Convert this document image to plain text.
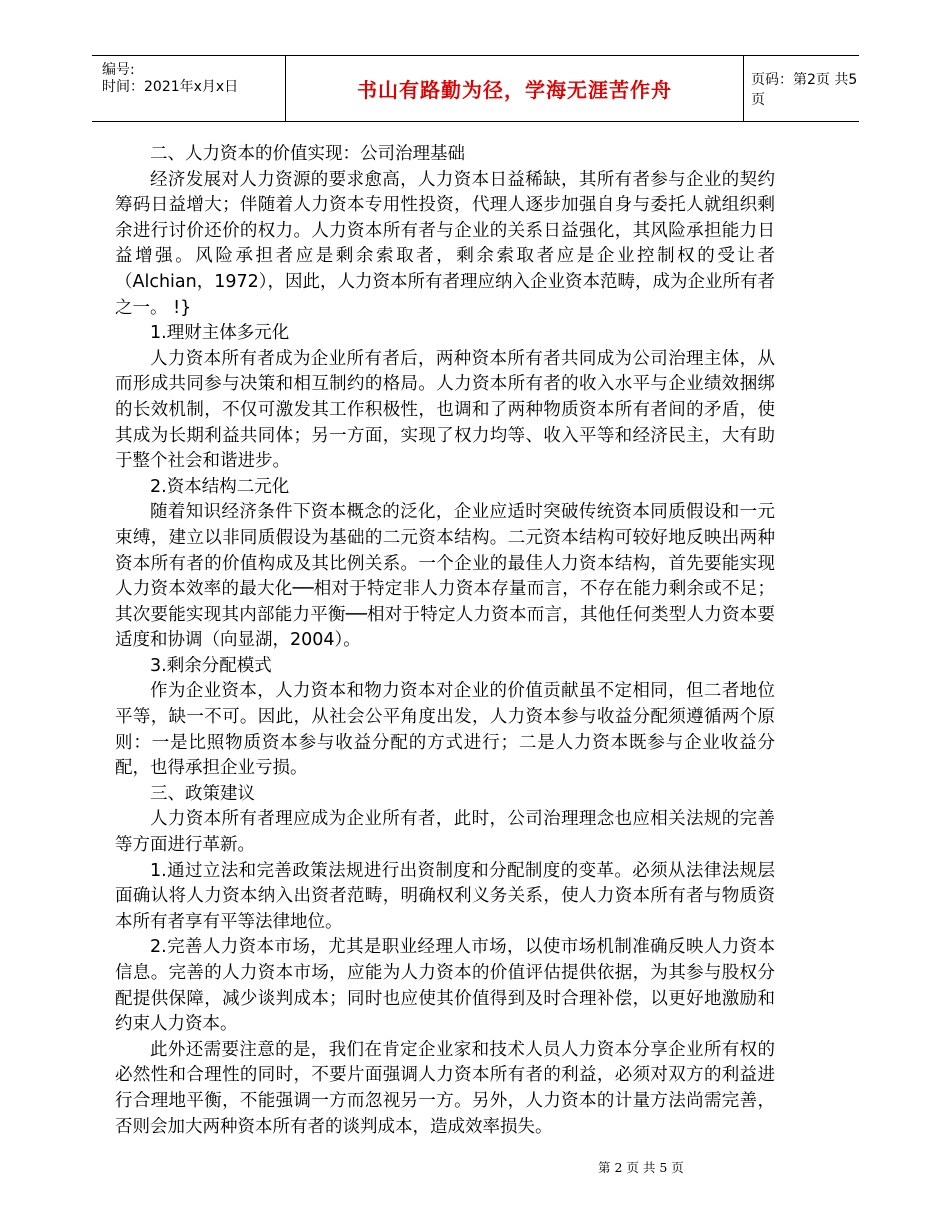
编号:
时间：2021年x月x日	书山有路勤为径，学海无涯苦作舟	页码：第2页 共5页

二、人力资本的价值实现：公司治理基础

经济发展对人力资源的要求愈高，人力资本日益稀缺，其所有者参与企业的契约筹码日益增大；伴随着人力资本专用性投资，代理人逐步加强自身与委托人就组织剩余进行讨价还价的权力。人力资本所有者与企业的关系日益强化，其风险承担能力日益增强。风险承担者应是剩余索取者，剩余索取者应是企业控制权的受让者（Alchian，1972），因此，人力资本所有者理应纳入企业资本范畴，成为企业所有者之一。 !}

1.理财主体多元化

人力资本所有者成为企业所有者后，两种资本所有者共同成为公司治理主体，从而形成共同参与决策和相互制约的格局。人力资本所有者的收入水平与企业绩效捆绑的长效机制，不仅可激发其工作积极性，也调和了两种物质资本所有者间的矛盾，使其成为长期利益共同体；另一方面，实现了权力均等、收入平等和经济民主，大有助于整个社会和谐进步。

2.资本结构二元化

随着知识经济条件下资本概念的泛化，企业应适时突破传统资本同质假设和一元束缚，建立以非同质假设为基础的二元资本结构。二元资本结构可较好地反映出两种资本所有者的价值构成及其比例关系。一个企业的最佳人力资本结构，首先要能实现人力资本效率的最大化──相对于特定非人力资本存量而言，不存在能力剩余或不足；其次要能实现其内部能力平衡──相对于特定人力资本而言，其他任何类型人力资本要适度和协调（向显湖，2004）。

3.剩余分配模式

作为企业资本，人力资本和物力资本对企业的价值贡献虽不定相同，但二者地位平等，缺一不可。因此，从社会公平角度出发，人力资本参与收益分配须遵循两个原则：一是比照物质资本参与收益分配的方式进行；二是人力资本既参与企业收益分配，也得承担企业亏损。

三、政策建议

人力资本所有者理应成为企业所有者，此时，公司治理理念也应相关法规的完善等方面进行革新。

1.通过立法和完善政策法规进行出资制度和分配制度的变革。必须从法律法规层面确认将人力资本纳入出资者范畴，明确权利义务关系，使人力资本所有者与物质资本所有者享有平等法律地位。

2.完善人力资本市场，尤其是职业经理人市场，以使市场机制准确反映人力资本信息。完善的人力资本市场，应能为人力资本的价值评估提供依据，为其参与股权分配提供保障，减少谈判成本；同时也应使其价值得到及时合理补偿，以更好地激励和约束人力资本。

此外还需要注意的是，我们在肯定企业家和技术人员人力资本分享企业所有权的必然性和合理性的同时，不要片面强调人力资本所有者的利益，必须对双方的利益进行合理地平衡，不能强调一方而忽视另一方。另外，人力资本的计量方法尚需完善，否则会加大两种资本所有者的谈判成本，造成效率损失。

第 2 页 共 5 页
